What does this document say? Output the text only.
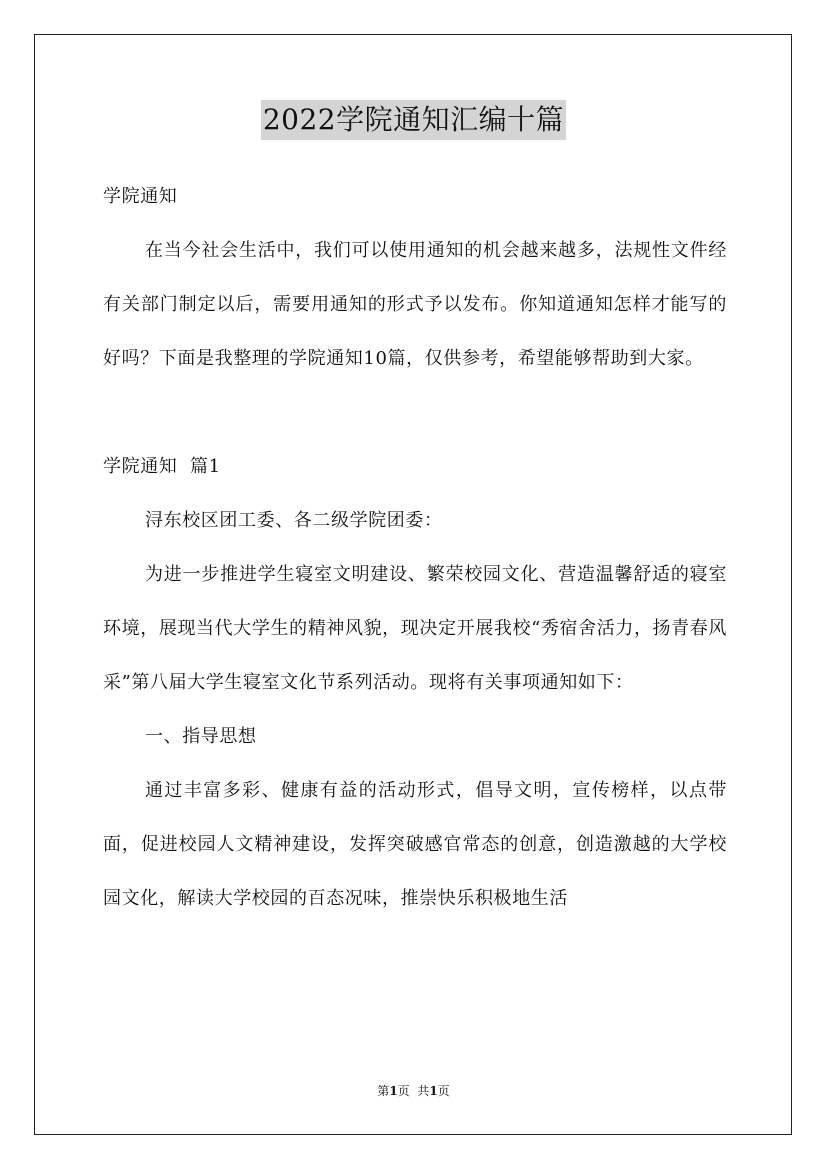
2022学院通知汇编十篇

学院通知

在当今社会生活中，我们可以使用通知的机会越来越多，法规性文件经有关部门制定以后，需要用通知的形式予以发布。你知道通知怎样才能写的好吗？下面是我整理的学院通知10篇，仅供参考，希望能够帮助到大家。

学院通知  篇1

浔东校区团工委、各二级学院团委：

为进一步推进学生寝室文明建设、繁荣校园文化、营造温馨舒适的寝室环境，展现当代大学生的精神风貌，现决定开展我校“秀宿舍活力，扬青春风采”第八届大学生寝室文化节系列活动。现将有关事项通知如下：

一、指导思想

通过丰富多彩、健康有益的活动形式，倡导文明，宣传榜样，以点带面，促进校园人文精神建设，发挥突破感官常态的创意，创造激越的大学校园文化，解读大学校园的百态况味，推崇快乐积极地生活

第1页  共1页
